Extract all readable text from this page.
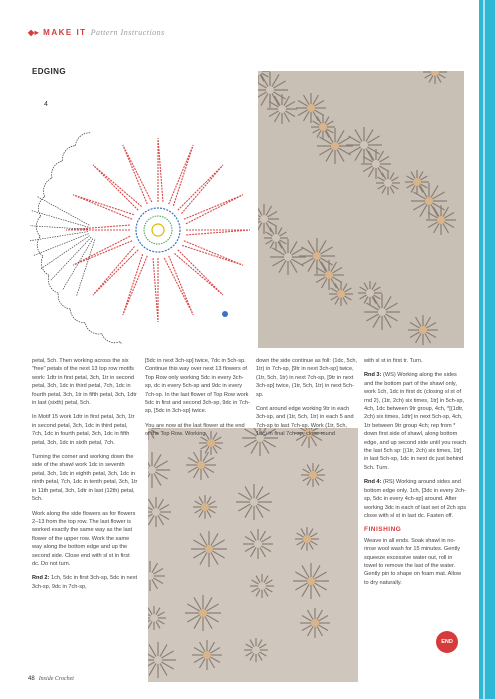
◆▸ MAKE IT Pattern Instructions
EDGING
4

petal, 5ch. Then working across the six "free" petals of the next 13 top row motifs work: 1dtr in first petal, 3ch, 1tr in second petal, 3ch, 1dc in third petal, 7ch, 1dc in fourth petal, 3ch, 1tr in fifth petal, 3ch, 1dtr in last (sixth) petal, 5ch.

In Motif 15 work 1dtr in first petal, 3ch, 1tr in second petal, 3ch, 1dc in third petal, 7ch, 1dc in fourth petal, 3ch, 1dc in fifth petal, 3ch, 1dc in sixth petal, 7ch.

Turning the corner and working down the side of the shawl work 1dc in seventh petal, 3ch, 1dc in eighth petal, 3ch, 1dc in ninth petal, 7ch, 1dc in tenth petal, 3ch, 1tr in 11th petal, 3ch, 1dtr in last (12th) petal, 5ch.

Work along the side flowers as for flowers 2–13 from the top row. The last flower is worked exactly the same way as the last flower of the upper row. Work the same way along the bottom edge and up the second side. Close end with sl st in first dc. Do not turn.

Rnd 2: 1ch, 5dc in first 3ch-sp, 5dc in next 3ch-sp, 9dc in 7ch-sp,

[5dc in next 3ch-sp] twice, 7dc in 5ch-sp. Continue this way over next 13 flowers of Top Row only working 5dc in every 3ch-sp, dc in every 5ch-sp and 9dc in every 7ch-sp. In the last flower of Top Row work 5dc in first and second 3ch-sp, 9dc in 7ch-sp, [5dc in 3ch-sp] twice.

You are now at the last flower at the end of the Top Row. Working

down the side continue as foll: (1dc, 5ch, 1tr) in 7ch-sp, [9tr in next 3ch-sp] twice, (1tr, 5ch, 1tr) in next 7ch-sp, [9tr in next 3ch-sp] twice, (1tr, 5ch, 1tr) in next 5ch-sp.

Cont around edge working 9tr in each 3ch-sp, and (1tr, 5ch, 1tr) in each 5 and 7ch-sp to last 7ch-sp. Work (1tr, 5ch, 1dc) in final 7ch-sp, close round

with sl st in first tr. Turn.

Rnd 3: (WS) Working along the sides and the bottom part of the shawl only, work 1ch, 1dc in first dc (closing sl st of rnd 2), (1tr, 2ch) six times, 1tr] in 5ch-sp, 4ch, 1dc between 9tr group, 4ch, *[(1dtr, 2ch) six times, 1dtr] in next 5ch-sp, 4ch, 1tr between 9tr group 4ch; rep from * down first side of shawl, along bottom edge, and up second side until you reach the last 5ch sp: [(1tr, 2ch) six times, 1tr] in last 5ch-sp, 1dc in next dc just behind 5ch. Turn.

Rnd 4: (RS) Working around sides and bottom edge only. 1ch, [3dc in every 2ch-sp, 5dc in every 4ch-sp] around. After working 3dc in each of last set of 2ch sps close with sl st in last dc. Fasten off.

FINISHING

Weave in all ends. Soak shawl in no-rinse wool wash for 15 minutes. Gently squeeze excessive water out, roll in towel to remove the last of the water. Gently pin to shape on foam mat. Allow to dry naturally.

END
48 Inside Crochet
